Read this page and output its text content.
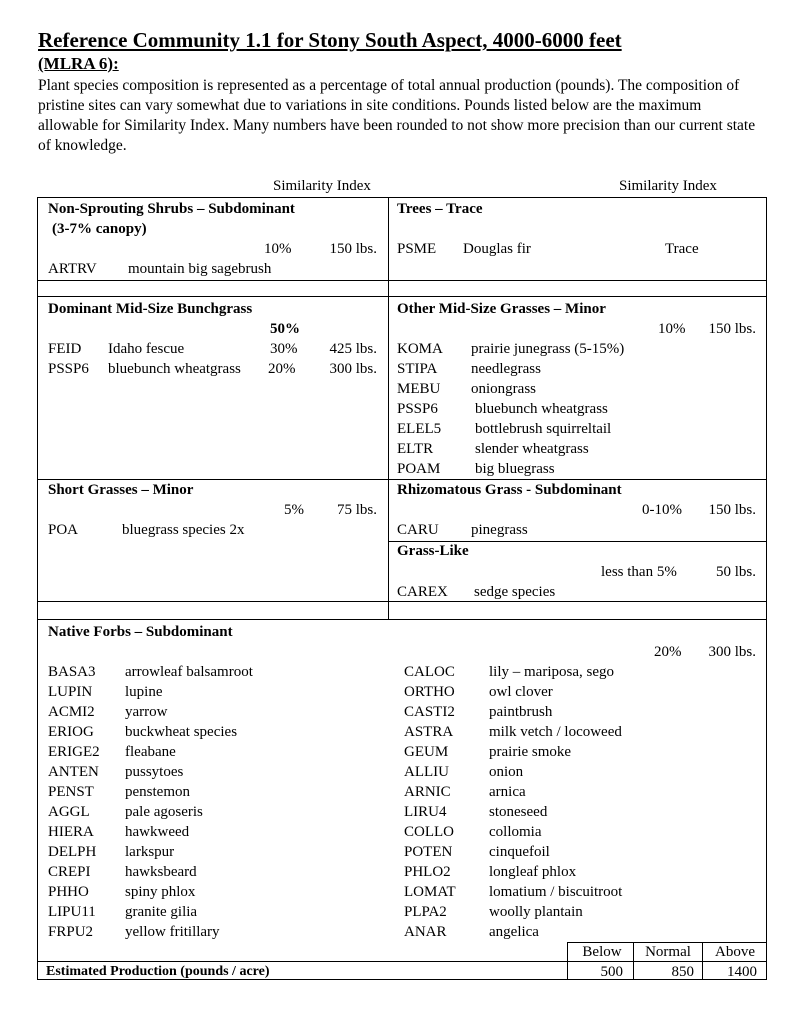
Reference Community 1.1 for Stony South Aspect, 4000-6000 feet
(MLRA 6):
Plant species composition is represented as a percentage of total annual production (pounds). The composition of pristine sites can vary somewhat due to variations in site conditions. Pounds listed below are the maximum allowable for Similarity Index. Many numbers have been rounded to not show more precision than our current state of knowledge.
Similarity Index	Similarity Index
Non-Sprouting Shrubs – Subdominant
(3-7% canopy)
10%	150 lbs.
ARTRV mountain big sagebrush
Trees – Trace
PSME Douglas fir	Trace
Dominant Mid-Size Bunchgrass
50%
FEID Idaho fescue	30% 425 lbs.
PSSP6 bluebunch wheatgrass 20% 300 lbs.
Other Mid-Size Grasses – Minor
10% 150 lbs.
KOMA prairie junegrass (5-15%)
STIPA needlegrass
MEBU oniongrass
PSSP6 bluebunch wheatgrass
ELEL5 bottlebrush squirreltail
ELTR	slender wheatgrass
POAM big bluegrass
Short Grasses – Minor
5% 75 lbs.
POA	bluegrass species 2x
Rhizomatous Grass - Subdominant
0-10% 150 lbs.
CARU pinegrass
Grass-Like
less than 5%	50 lbs.
CAREX sedge species
Native Forbs – Subdominant
20% 300 lbs.
BASA3 arrowleaf balsamroot
LUPIN lupine
ACMI2 yarrow
ERIOG buckwheat species
ERIGE2 fleabane
ANTEN pussytoes
PENST penstemon
AGGL pale agoseris
HIERA hawkweed
DELPH larkspur
CREPI hawksbeard
PHHO spiny phlox
LIPU11 granite gilia
FRPU2 yellow fritillary
CALOC lily – mariposa, sego
ORTHO owl clover
CASTI2 paintbrush
ASTRA milk vetch / locoweed
GEUM	prairie smoke
ALLIU	onion
ARNIC	arnica
LIRU4	stoneseed
COLLO collomia
POTEN cinquefoil
PHLO2	longleaf phlox
LOMAT lomatium / biscuitroot
PLPA2	woolly plantain
ANAR	angelica
Below	Normal	Above
Estimated Production (pounds / acre)	500	850 1400
